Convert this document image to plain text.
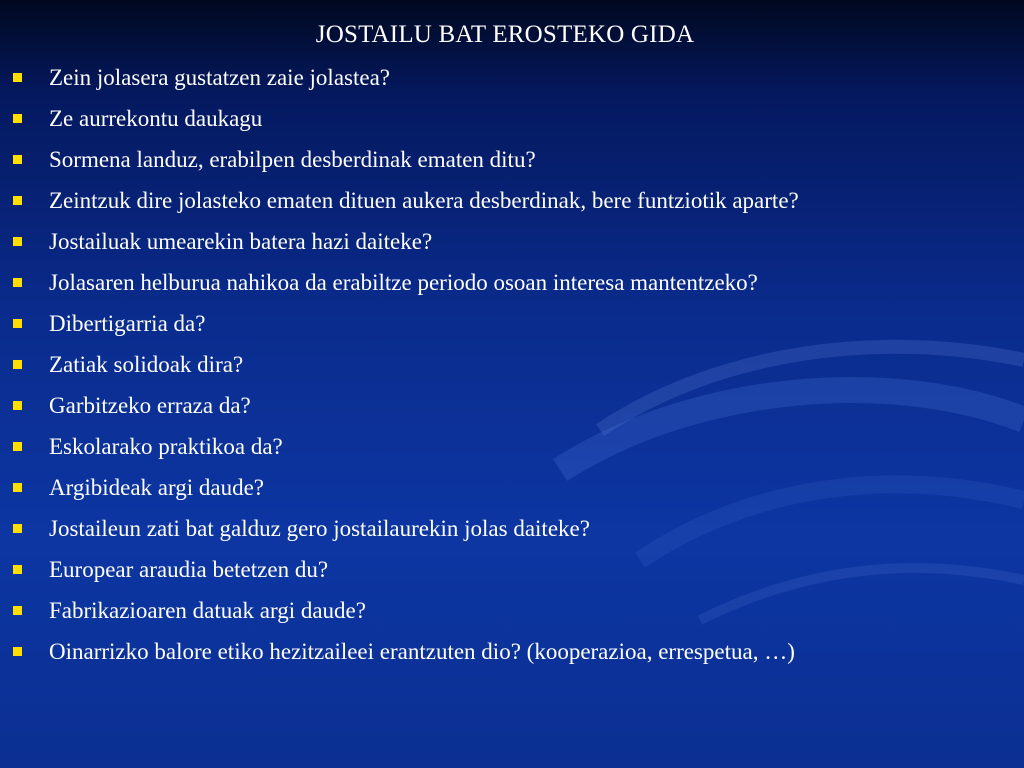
JOSTAILU BAT EROSTEKO GIDA
Zein jolasera gustatzen zaie jolastea?
Ze aurrekontu daukagu
Sormena landuz, erabilpen desberdinak ematen ditu?
Zeintzuk dire jolasteko ematen dituen aukera desberdinak, bere funtziotik aparte?
Jostailuak umearekin batera hazi daiteke?
Jolasaren helburua nahikoa da erabiltze periodo osoan interesa mantentzeko?
Dibertigarria da?
Zatiak solidoak dira?
Garbitzeko erraza da?
Eskolarako praktikoa da?
Argibideak argi daude?
Jostaileun zati bat galduz gero jostailaurekin jolas daiteke?
Europear araudia betetzen du?
Fabrikazioaren datuak argi daude?
Oinarrizko balore etiko hezitzaileei erantzuten dio? (kooperazioa, errespetua, …)
